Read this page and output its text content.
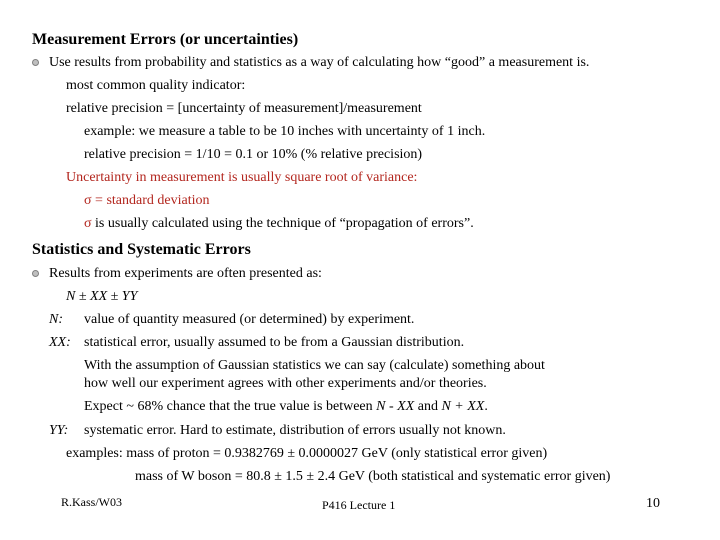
Measurement Errors (or uncertainties)
Use results from probability and statistics as a way of calculating how “good” a measurement is.
most common quality indicator:
relative precision = [uncertainty of measurement]/measurement
example: we measure a table to be 10 inches with uncertainty of 1 inch.
relative precision = 1/10 = 0.1 or 10% (% relative precision)
Uncertainty in measurement is usually square root of variance:
σ = standard deviation
σ is usually calculated using the technique of “propagation of errors”.
Statistics and Systematic Errors
Results from experiments are often presented as:
N ± XX ± YY
N: value of quantity measured (or determined) by experiment.
XX: statistical error, usually assumed to be from a Gaussian distribution.
With the assumption of Gaussian statistics we can say (calculate) something about
how well our experiment agrees with other experiments and/or theories.
Expect ~ 68% chance that the true value is between N - XX and N + XX.
YY: systematic error. Hard to estimate, distribution of errors usually not known.
examples: mass of proton = 0.9382769 ± 0.0000027 GeV (only statistical error given)
mass of W boson = 80.8 ± 1.5 ± 2.4 GeV (both statistical and systematic error given)
R.Kass/W03	P416 Lecture 1	10
